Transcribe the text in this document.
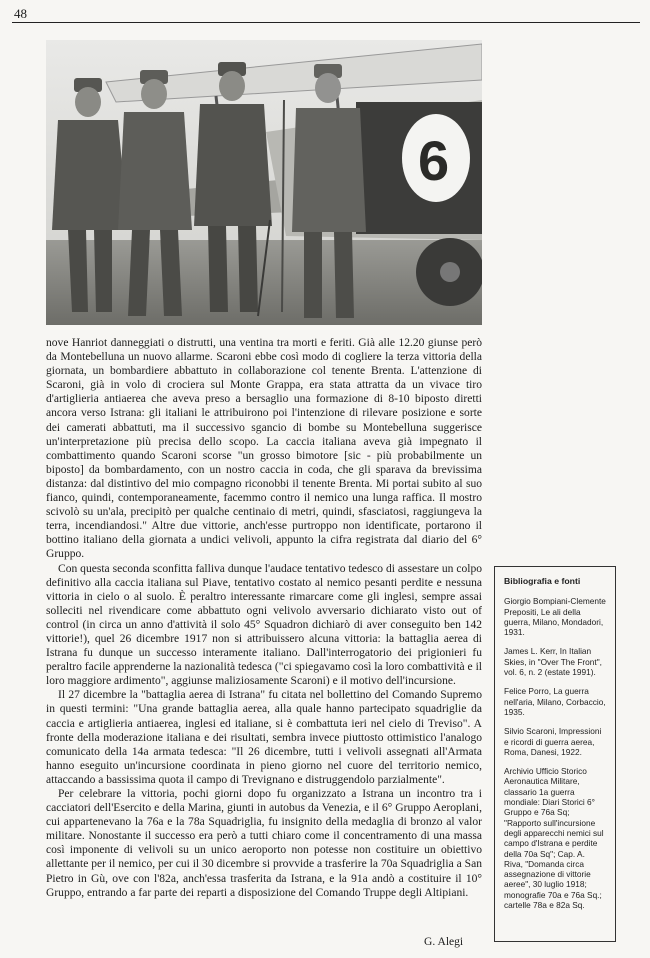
48
6

nove Hanriot danneggiati o distrutti, una ventina tra morti e feriti. Già alle 12.20 giunse però da Montebelluna un nuovo allarme. Scaroni ebbe così modo di cogliere la terza vittoria della giornata, un bombardiere abbattuto in collaborazione col tenente Brenta. L'attenzione di Scaroni, già in volo di crociera sul Monte Grappa, era stata attratta da un vivace tiro d'artiglieria antiaerea che aveva preso a bersaglio una formazione di 8-10 biposto diretti ancora verso Istrana: gli italiani le attribuirono poi l'intenzione di rilevare posizione e sorte dei camerati abbattuti, ma il successivo sgancio di bombe su Montebelluna suggerisce un'interpretazione più precisa dello scopo. La caccia italiana aveva già impegnato il combattimento quando Scaroni scorse "un grosso bimotore [sic - più probabilmente un biposto] da bombardamento, con un nostro caccia in coda, che gli sparava da brevissima distanza: dal distintivo del mio compagno riconobbi il tenente Brenta. Mi portai subito al suo fianco, quindi, contemporaneamente, facemmo contro il nemico una lunga raffica. Il mostro scivolò su un'ala, precipitò per qualche centinaio di metri, quindi, sfasciatosi, raggiungeva la terra, incendiandosi." Altre due vittorie, anch'esse purtroppo non identificate, portarono il bottino italiano della giornata a undici velivoli, appunto la cifra registrata dal diario del 6° Gruppo.

Con questa seconda sconfitta falliva dunque l'audace tentativo tedesco di assestare un colpo definitivo alla caccia italiana sul Piave, tentativo costato al nemico pesanti perdite e nessuna vittoria in cielo o al suolo. È peraltro interessante rimarcare come gli inglesi, sempre assai solleciti nel rivendicare come abbattuto ogni velivolo avversario dichiarato visto out of control (in circa un anno d'attività il solo 45° Squadron dichiarò di aver conseguito ben 142 vittorie!), quel 26 dicembre 1917 non si attribuissero alcuna vittoria: la battaglia aerea di Istrana fu dunque un successo interamente italiano. Dall'interrogatorio dei prigionieri fu peraltro facile apprenderne la nazionalità tedesca ("ci spiegavamo così la loro combattività e il loro maggiore ardimento", aggiunse maliziosamente Scaroni) e il motivo dell'incursione.

Il 27 dicembre la "battaglia aerea di Istrana" fu citata nel bollettino del Comando Supremo in questi termini: "Una grande battaglia aerea, alla quale hanno partecipato squadriglie da caccia e artiglieria antiaerea, inglesi ed italiane, si è combattuta ieri nel cielo di Treviso". A fronte della moderazione italiana e dei risultati, sembra invece piuttosto ottimistico l'analogo comunicato della 14a armata tedesca: "Il 26 dicembre, tutti i velivoli assegnati all'Armata hanno eseguito un'incursione coordinata in pieno giorno nel cuore del territorio nemico, attaccando a bassissima quota il campo di Trevignano e distruggendolo parzialmente".

Per celebrare la vittoria, pochi giorni dopo fu organizzato a Istrana un incontro tra i cacciatori dell'Esercito e della Marina, giunti in autobus da Venezia, e il 6° Gruppo Aeroplani, cui appartenevano la 76a e la 78a Squadriglia, fu insignito della medaglia di bronzo al valor militare. Nonostante il successo era però a tutti chiaro come il concentramento di una massa così imponente di velivoli su un unico aeroporto non potesse non costituire un obiettivo allettante per il nemico, per cui il 30 dicembre si provvide a trasferire la 70a Squadriglia a San Pietro in Gù, ove con l'82a, anch'essa trasferita da Istrana, e la 91a andò a costituire il 10° Gruppo, entrando a far parte dei reparti a disposizione del Comando Truppe degli Altipiani.

G. Alegi
Bibliografia e fonti
Giorgio Bompiani-Clemente Prepositi, Le ali della guerra, Milano, Mondadori, 1931.
James L. Kerr, In Italian Skies, in "Over The Front", vol. 6, n. 2 (estate 1991).
Felice Porro, La guerra nell'aria, Milano, Corbaccio, 1935.
Silvio Scaroni, Impressioni e ricordi di guerra aerea, Roma, Danesi, 1922.
Archivio Ufficio Storico Aeronautica Militare, classario 1a guerra mondiale: Diari Storici 6° Gruppo e 76a Sq; "Rapporto sull'incursione degli apparecchi nemici sul campo d'Istrana e perdite della 70a Sq"; Cap. A. Riva, "Domanda circa assegnazione di vittorie aeree", 30 luglio 1918; monografie 70a e 76a Sq.; cartelle 78a e 82a Sq.
